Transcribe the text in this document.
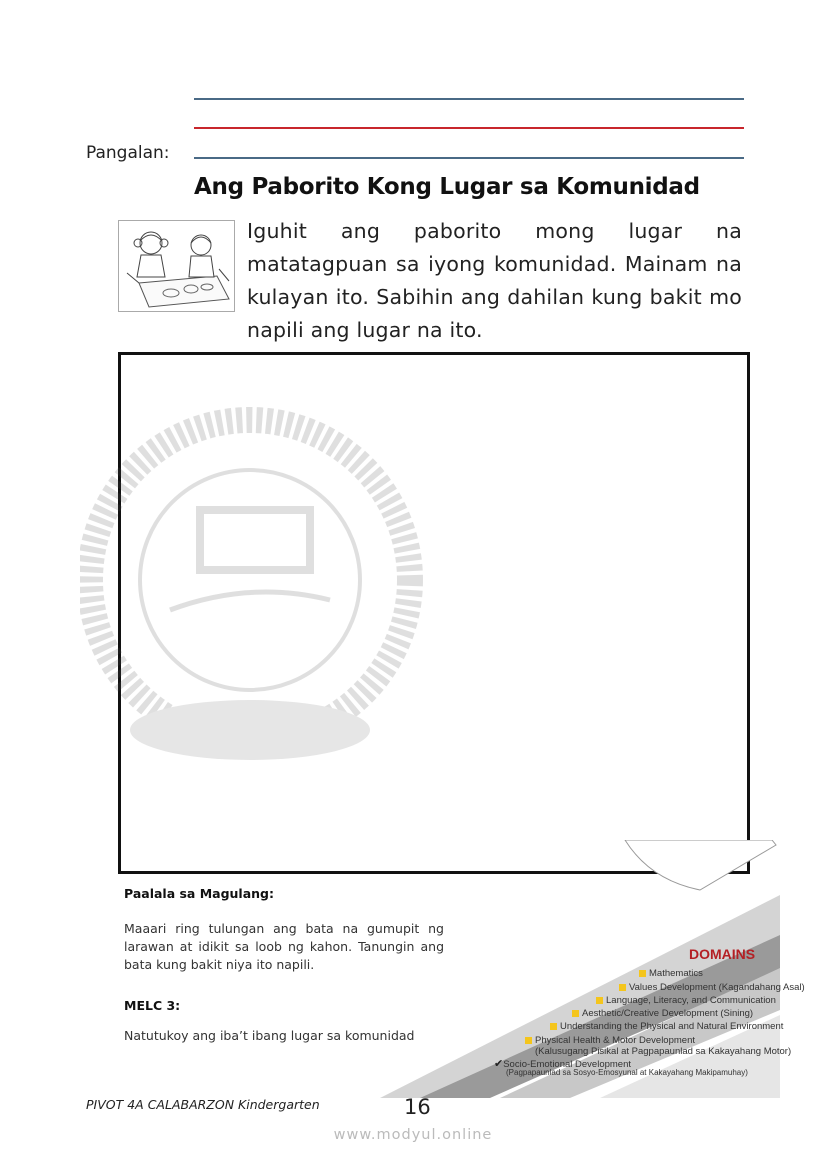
Pangalan:
Ang Paborito Kong Lugar sa Komunidad
Iguhit ang paborito mong lugar na matatagpuan sa iyong komunidad. Mainam na kulayan ito. Sabihin ang dahilan kung bakit mo napili ang lugar na ito.
Paalala sa Magulang:
Maaari ring tulungan ang bata na gumupit ng larawan at idikit sa loob ng kahon. Tanungin ang bata kung bakit niya ito napili.
MELC 3:
Natutukoy ang iba’t ibang lugar sa komunidad
DOMAINS
Mathematics
Values Development (Kagandahang Asal)
Language, Literacy, and Communication
Aesthetic/Creative Development (Sining)
Understanding the Physical and Natural Environment
Physical Health & Motor Development
(Kalusugang Pisikal at Pagpapaunlad sa Kakayahang Motor)
✔Socio-Emotional Development
(Pagpapaunlad sa Sosyo-Emosyunal at Kakayahang Makipamuhay)
PIVOT 4A CALABARZON Kindergarten	16
www.modyul.online
